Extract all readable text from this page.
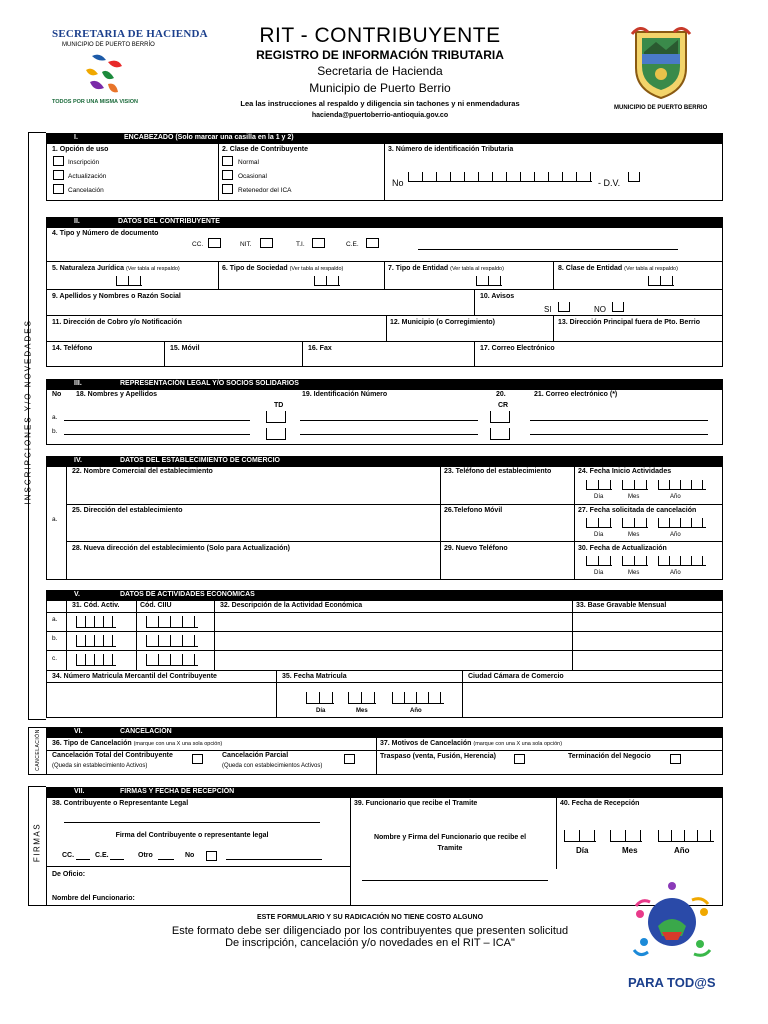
SECRETARIA DE HACIENDA
MUNICIPIO DE PUERTO BERRÍO
TODOS POR UNA MISMA VISION
RIT - CONTRIBUYENTE
REGISTRO DE INFORMACIÓN TRIBUTARIA
Secretaria de Hacienda
Municipio de Puerto Berrio
Lea las instrucciones al respaldo y diligencia sin tachones y ni enmendaduras
hacienda@puertoberrio-antioquia.gov.co
MUNICIPIO DE PUERTO BERRIO
INSCRIPCIONES Y/O NOVEDADES
I.	ENCABEZADO (Solo marcar una casilla en la 1 y 2)
1. Opción de uso
Inscripción
Actualización
Cancelación
2. Clase de Contribuyente
Normal
Ocasional
Retenedor del ICA
3. Número de identificación Tributaria
No	- D.V.
II.	DATOS DEL CONTRIBUYENTE
4. Tipo y Número de documento
CC.	NIT.	T.I.	C.E.
5. Naturaleza Jurídica (Ver tabla al respaldo)	6. Tipo de Sociedad (Ver tabla al respaldo)	7. Tipo de Entidad (Ver tabla al respaldo)	8. Clase de Entidad (Ver tabla al respaldo)
9. Apellidos y Nombres o Razón Social	10. Avisos
SI	NO
11. Dirección de Cobro y/o Notificación	12. Municipio (o Corregimiento)	13. Dirección Principal fuera de Pto. Berrio
14. Teléfono	15. Móvil	16. Fax	17. Correo Electrónico
III.	REPRESENTACIÓN LEGAL Y/O SOCIOS SOLIDARIOS
No 18. Nombres y Apellidos
TD
19. Identificación Número	20.
CR
21. Correo electrónico (*)
a.
b.
IV.	DATOS DEL ESTABLECIMIENTO DE COMERCIO
a.
22. Nombre Comercial del establecimiento	23. Teléfono del establecimiento	24. Fecha Inicio Actividades
Día	Mes	Año
25. Dirección del establecimiento	26.Telefono Móvil	27. Fecha solicitada de cancelación
Día	Mes	Año
28. Nueva dirección del establecimiento (Solo para Actualización)	29. Nuevo Teléfono	30. Fecha de Actualización
Día	Mes	Año
V.	DATOS DE ACTIVIDADES ECONÓMICAS
31. Cód. Activ.	Cód. CIIU	32. Descripción de la Actividad Económica	33. Base Gravable Mensual
a.
b.
c.
34. Número Matricula Mercantil del Contribuyente	35. Fecha Matricula	Ciudad Cámara de Comercio
Día	Mes	Año
CANCELACIÓN	VI.	CANCELACIÓN
36. Tipo de Cancelación (marque con una X una sola opción)	37. Motivos de Cancelación (marque con una X una sola opción)
Cancelación Total del Contribuyente
(Queda sin establecimiento Activos)
Cancelación Parcial
(Queda con establecimientos Activos)
Traspaso (venta, Fusión, Herencia)	Terminación del Negocio
FIRMAS
VII.	FIRMAS Y FECHA DE RECEPCIÓN
38. Contribuyente o Representante Legal
Firma del Contribuyente o representante legal
CC.	C.E.	Otro	No
De Oficio:
Nombre del Funcionario:
39. Funcionario que recibe el Tramite
Nombre y Firma del Funcionario que recibe el Tramite
40. Fecha de Recepción
Día	Mes	Año
ESTE FORMULARIO Y SU RADICACIÓN NO TIENE COSTO ALGUNO
Este formato debe ser diligenciado por los contribuyentes que presenten solicitud
De inscripción, cancelación y/o novedades en el RIT – ICA"
PARA TOD@S
